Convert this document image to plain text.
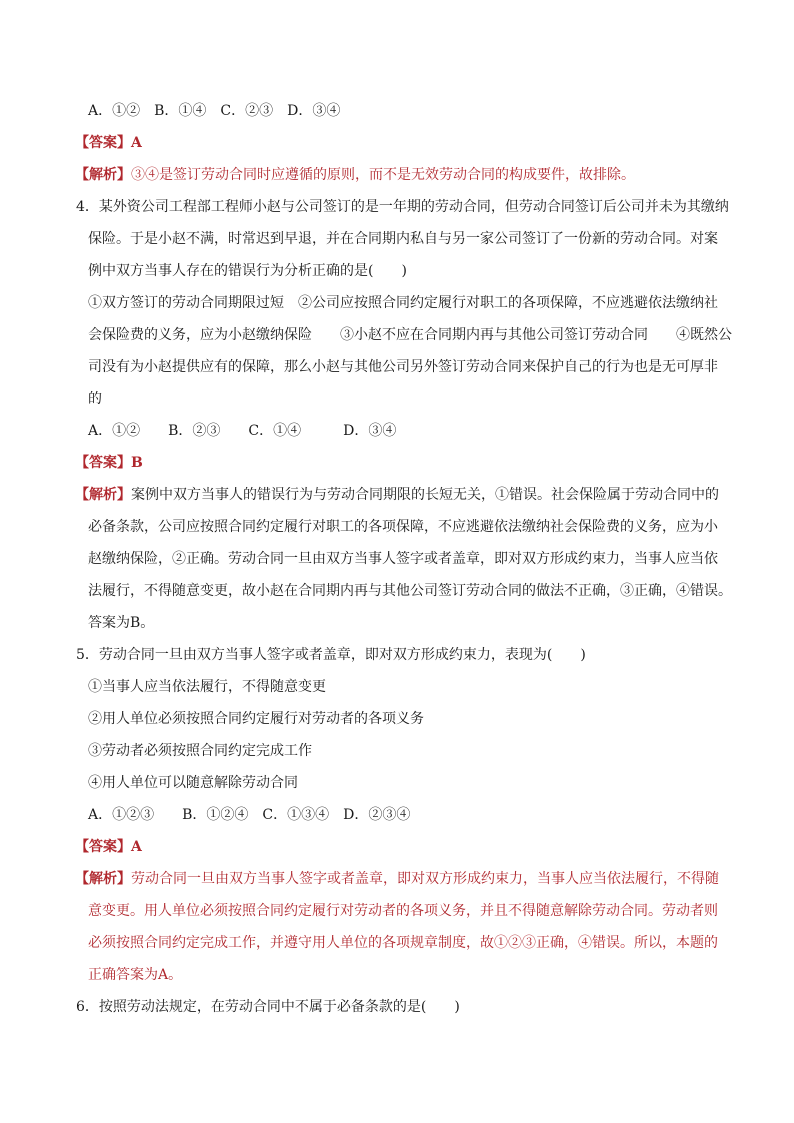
A．①②　B．①④　C．②③　D．③④
【答案】A
【解析】③④是签订劳动合同时应遵循的原则，而不是无效劳动合同的构成要件，故排除。
4．某外资公司工程部工程师小赵与公司签订的是一年期的劳动合同，但劳动合同签订后公司并未为其缴纳
保险。于是小赵不满，时常迟到早退，并在合同期内私自与另一家公司签订了一份新的劳动合同。对案
例中双方当事人存在的错误行为分析正确的是(　　)
①双方签订的劳动合同期限过短　②公司应按照合同约定履行对职工的各项保障，不应逃避依法缴纳社
会保险费的义务，应为小赵缴纳保险　　③小赵不应在合同期内再与其他公司签订劳动合同　　④既然公
司没有为小赵提供应有的保障，那么小赵与其他公司另外签订劳动合同来保护自己的行为也是无可厚非
的
A．①②　　B．②③　　C．①④　　　D．③④
【答案】B
【解析】案例中双方当事人的错误行为与劳动合同期限的长短无关，①错误。社会保险属于劳动合同中的
必备条款，公司应按照合同约定履行对职工的各项保障，不应逃避依法缴纳社会保险费的义务，应为小
赵缴纳保险，②正确。劳动合同一旦由双方当事人签字或者盖章，即对双方形成约束力，当事人应当依
法履行，不得随意变更，故小赵在合同期内再与其他公司签订劳动合同的做法不正确，③正确，④错误。
答案为B。
5．劳动合同一旦由双方当事人签字或者盖章，即对双方形成约束力，表现为(　　)
①当事人应当依法履行，不得随意变更
②用人单位必须按照合同约定履行对劳动者的各项义务
③劳动者必须按照合同约定完成工作
④用人单位可以随意解除劳动合同
A．①②③　　B．①②④　C．①③④　D．②③④
【答案】A
【解析】劳动合同一旦由双方当事人签字或者盖章，即对双方形成约束力，当事人应当依法履行，不得随
意变更。用人单位必须按照合同约定履行对劳动者的各项义务，并且不得随意解除劳动合同。劳动者则
必须按照合同约定完成工作，并遵守用人单位的各项规章制度，故①②③正确，④错误。所以，本题的
正确答案为A。
6．按照劳动法规定，在劳动合同中不属于必备条款的是(　　)
